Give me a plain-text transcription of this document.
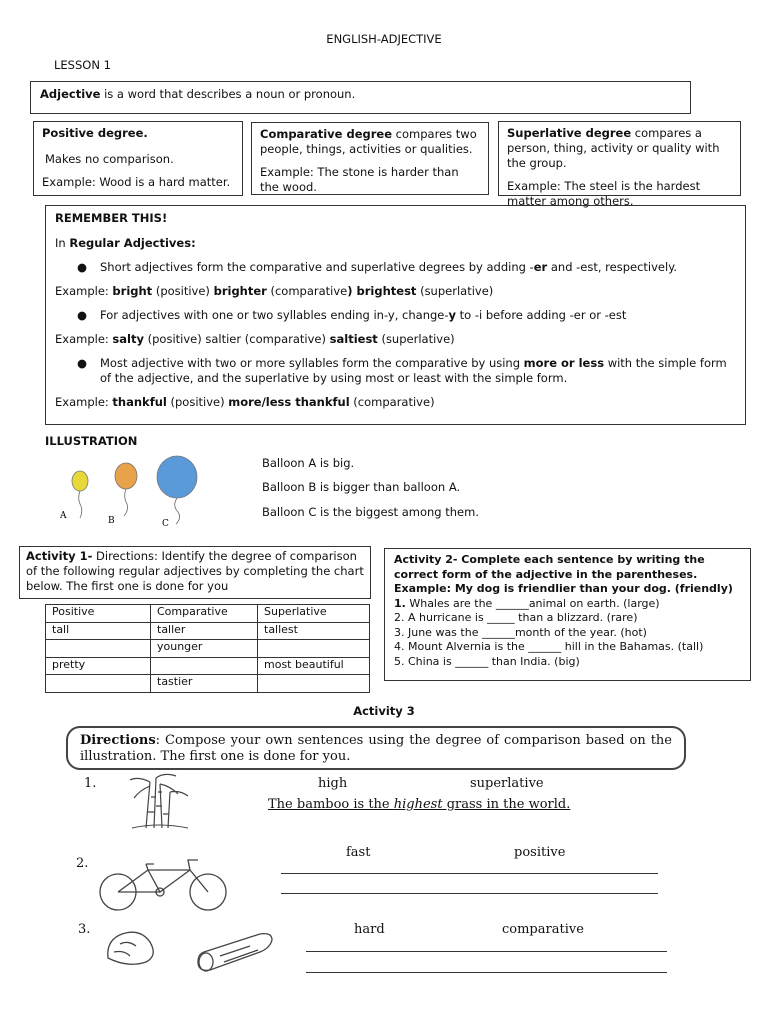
ENGLISH-ADJECTIVE
LESSON 1
Adjective is a word that describes a noun or pronoun.
Positive degree.
Makes no comparison.
Example: Wood is a hard matter.
Comparative degree compares two people, things, activities or qualities.
Example: The stone is harder than the wood.
Superlative degree compares a person, thing, activity or quality with the group.
Example: The steel is the hardest matter among others.
REMEMBER THIS!
In Regular Adjectives:
● Short adjectives form the comparative and superlative degrees by adding -er and -est, respectively.
Example: bright (positive) brighter (comparative) brightest (superlative)
● For adjectives with one or two syllables ending in-y, change-y to -i before adding -er or -est
Example: salty (positive) saltier (comparative) saltiest (superlative)
● Most adjective with two or more syllables form the comparative by using more or less with the simple form of the adjective, and the superlative by using most or least with the simple form.
Example: thankful (positive) more/less thankful (comparative)
ILLUSTRATION
A	B	C
Balloon A is big.
Balloon B is bigger than balloon A.
Balloon C is the biggest among them.
Activity 1- Directions: Identify the degree of comparison of the following regular adjectives by completing the chart below. The first one is done for you
Positive	Comparative	Superlative
tall	taller	tallest
	younger	
pretty		most beautiful
	tastier	
Activity 2- Complete each sentence by writing the correct form of the adjective in the parentheses.
Example: My dog is friendlier than your dog. (friendly)
1. Whales are the ______animal on earth. (large)
2. A hurricane is _____ than a blizzard. (rare)
3. June was the ______month of the year. (hot)
4. Mount Alvernia is the ______ hill in the Bahamas. (tall)
5. China is ______ than India. (big)
Activity 3
Directions: Compose your own sentences using the degree of comparison based on the illustration. The first one is done for you.
1.	high	superlative
The bamboo is the highest grass in the world.
2.
fast	positive
3.	hard	comparative
